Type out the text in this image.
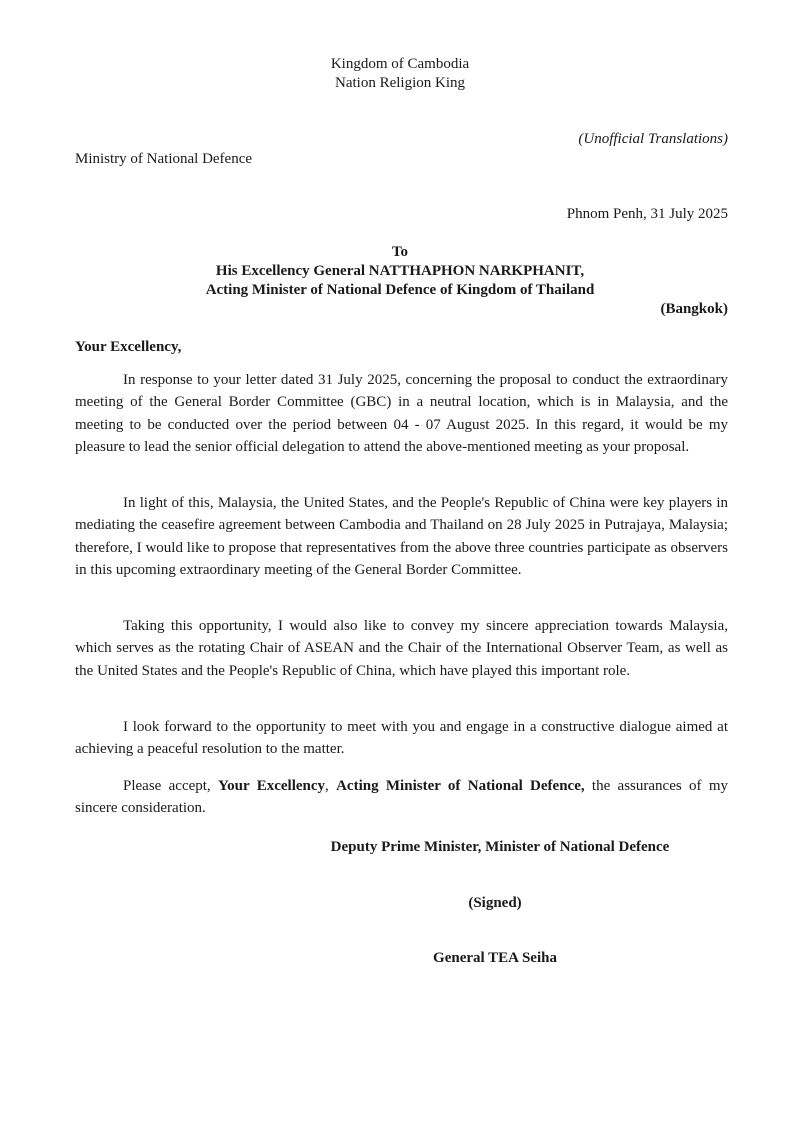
Kingdom of Cambodia
Nation Religion King
(Unofficial Translations)
Ministry of National Defence
Phnom Penh, 31 July 2025
To
His Excellency General NATTHAPHON NARKPHANIT,
Acting Minister of National Defence of Kingdom of Thailand
(Bangkok)
Your Excellency,

In response to your letter dated 31 July 2025, concerning the proposal to conduct the extraordinary meeting of the General Border Committee (GBC) in a neutral location, which is in Malaysia, and the meeting to be conducted over the period between 04 - 07 August 2025. In this regard, it would be my pleasure to lead the senior official delegation to attend the above-mentioned meeting as your proposal.

In light of this, Malaysia, the United States, and the People's Republic of China were key players in mediating the ceasefire agreement between Cambodia and Thailand on 28 July 2025 in Putrajaya, Malaysia; therefore, I would like to propose that representatives from the above three countries participate as observers in this upcoming extraordinary meeting of the General Border Committee.

Taking this opportunity, I would also like to convey my sincere appreciation towards Malaysia, which serves as the rotating Chair of ASEAN and the Chair of the International Observer Team, as well as the United States and the People's Republic of China, which have played this important role.

I look forward to the opportunity to meet with you and engage in a constructive dialogue aimed at achieving a peaceful resolution to the matter.

Please accept, Your Excellency, Acting Minister of National Defence, the assurances of my sincere consideration.

Deputy Prime Minister, Minister of National Defence
(Signed)
General TEA Seiha
